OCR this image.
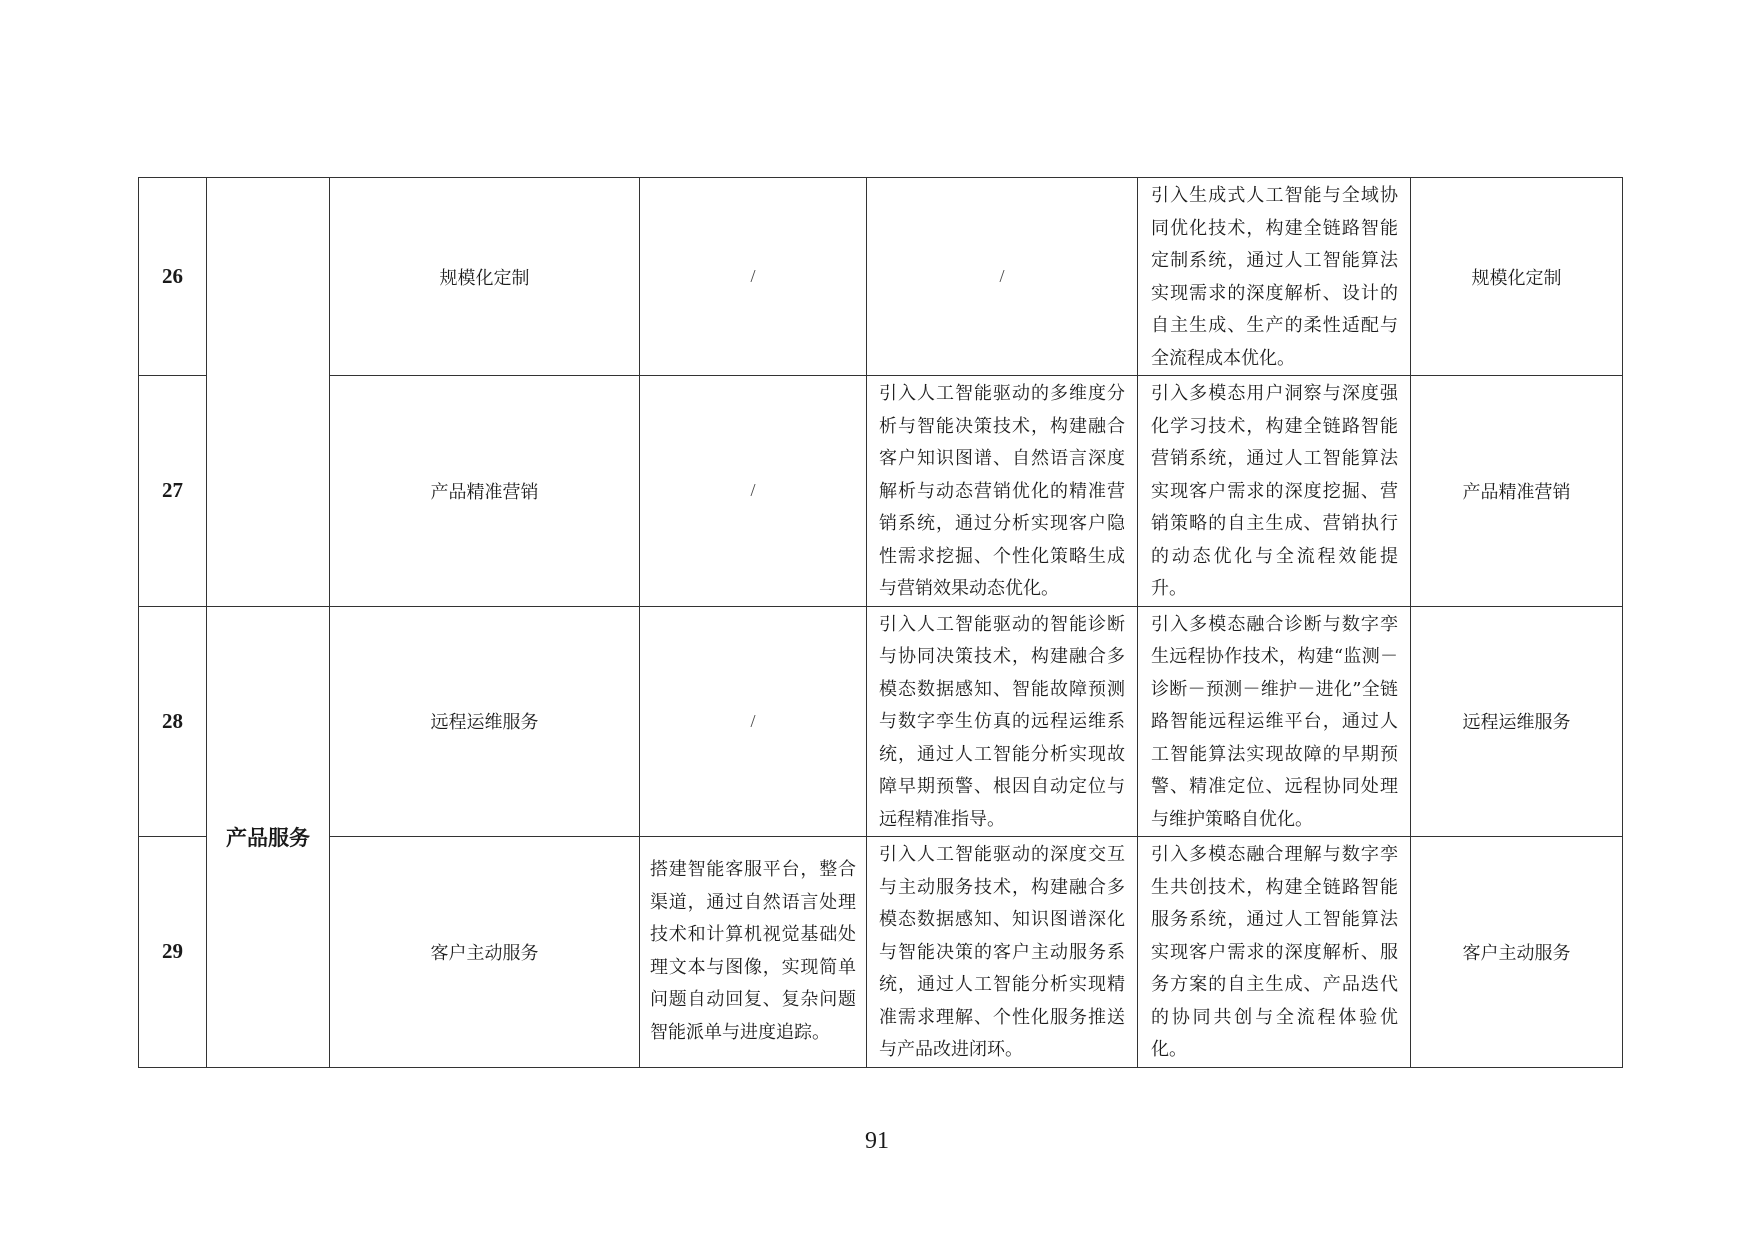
26		规模化定制	/	/	引入生成式人工智能与全域协同优化技术，构建全链路智能定制系统，通过人工智能算法实现需求的深度解析、设计的自主生成、生产的柔性适配与全流程成本优化。	规模化定制
27		产品精准营销	/	引入人工智能驱动的多维度分析与智能决策技术，构建融合客户知识图谱、自然语言深度解析与动态营销优化的精准营销系统，通过分析实现客户隐性需求挖掘、个性化策略生成与营销效果动态优化。	引入多模态用户洞察与深度强化学习技术，构建全链路智能营销系统，通过人工智能算法实现客户需求的深度挖掘、营销策略的自主生成、营销执行的动态优化与全流程效能提升。	产品精准营销
28	产品服务	远程运维服务	/	引入人工智能驱动的智能诊断与协同决策技术，构建融合多模态数据感知、智能故障预测与数字孪生仿真的远程运维系统，通过人工智能分析实现故障早期预警、根因自动定位与远程精准指导。	引入多模态融合诊断与数字孪生远程协作技术，构建“监测－诊断－预测－维护－进化”全链路智能远程运维平台，通过人工智能算法实现故障的早期预警、精准定位、远程协同处理与维护策略自优化。	远程运维服务
29		客户主动服务	搭建智能客服平台，整合渠道，通过自然语言处理技术和计算机视觉基础处理文本与图像，实现简单问题自动回复、复杂问题智能派单与进度追踪。	引入人工智能驱动的深度交互与主动服务技术，构建融合多模态数据感知、知识图谱深化与智能决策的客户主动服务系统，通过人工智能分析实现精准需求理解、个性化服务推送与产品改进闭环。	引入多模态融合理解与数字孪生共创技术，构建全链路智能服务系统，通过人工智能算法实现客户需求的深度解析、服务方案的自主生成、产品迭代的协同共创与全流程体验优化。	客户主动服务
91
